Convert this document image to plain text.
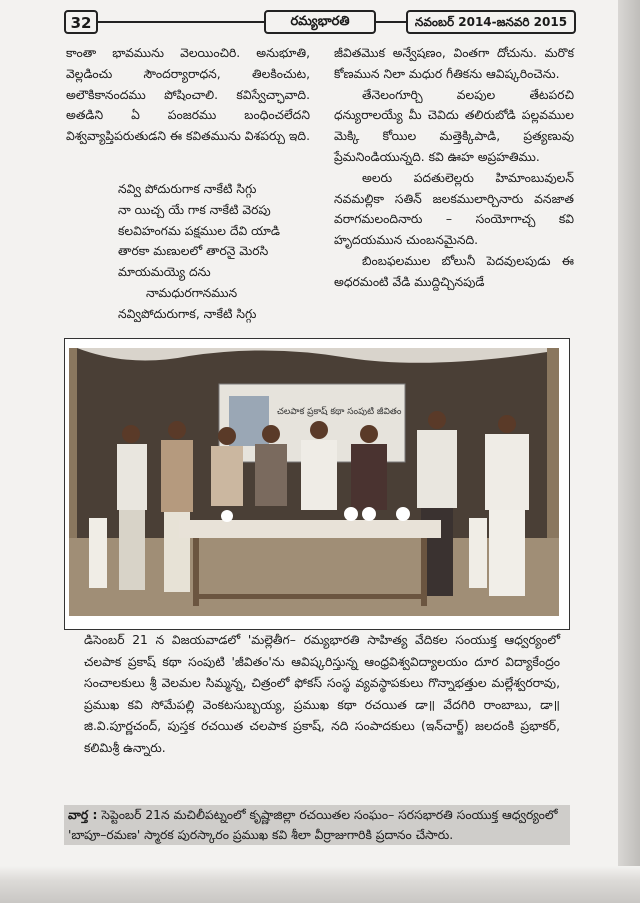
32	రమ్యభారతి	నవంబర్ 2014-జనవరి 2015

కాంతా భావమును వెలయించిరి. అనుభూతి, వెల్లడించు సౌందర్యారాధన, తిలకించుట, అలౌకికానందము పోషించాలి. కవిస్వేచ్ఛావాది. అతడిని ఏ పంజరము బంధించలేదని విశ్వవ్యాప్తిపరుతుడని ఈ కవితమును విశపర్చు ఇది.

నవ్వి పోదురుగాక నాకేటి సిగ్గు
నా యిచ్చ యే గాక నాకేటి వెరపు
కలవిహంగమ పక్షముల దేవి యాడి
తారకా మణులలో తారనై మెరసి
మాయమయ్యె దను
నామధురగానమున
నవ్విపోదురుగాక, నాకేటి సిగ్గు

జీవితమొక అన్వేషణం, వింతగా దోచును. మరొక కోణమున నిలా మధుర గీతికను ఆవిష్కరించెను.

తేనెలంగూర్చి వలపుల తేటపరచి ధన్యురాలయ్యే మీ చెవిదు తలిరుబోడి పల్లవముల మెక్కి కోయిల మత్తెక్కిపాడి, ప్రత్యణువు ప్రేమనిండియున్నది. కవి ఊహ అప్రహతిము.

అలరు పదతులెల్లరు హిమాంబువులన్ నవమల్లికా సతిన్ జలకములార్చినారు వనజాత వరాగమలందినారు – సంయోగాచ్చ కవి హృదయమున చుంబనమైనది.

బింబఫలముల బోలునీ పెదవులపుడు ఈ అధరమంటి వేడి ముద్దిచ్చినపుడే

చలపాక ప్రకాష్ కథా సంపుటి జీవితం
డిసెంబర్ 21 న విజయవాడలో 'మల్లెతీగ– రమ్యభారతి సాహిత్య వేదికల సంయుక్త ఆధ్వర్యంలో చలపాక ప్రకాష్ కథా సంపుటి 'జీవితం'ను ఆవిష్కరిస్తున్న ఆంధ్రవిశ్వవిద్యాలయం దూర విద్యాకేంద్రం సంచాలకులు శ్రీ వెలమల సిమ్మన్న, చిత్రంలో ఫోకస్ సంస్థ వ్యవస్థాపకులు గొన్నాభత్తుల మల్లేశ్వరరావు, ప్రముఖ కవి సోమేపల్లి వెంకటసుబ్బయ్య, ప్రముఖ కథా రచయిత డా॥ వేదగిరి రాంబాబు, డా॥ జి.వి.పూర్ణచంద్, పుస్తక రచయిత చలపాక ప్రకాష్, నది సంపాదకులు (ఇన్‌చార్జ్) జలదంకి ప్రభాకర్, కలిమిశ్రీ ఉన్నారు.
వార్త : సెప్టెంబర్ 21న మచిలీపట్నంలో కృష్ణాజిల్లా రచయితల సంఘం– సరసభారతి సంయుక్త ఆధ్వర్యంలో 'బాపూ–రమణ' స్మారక పురస్కారం ప్రముఖ కవి శీలా వీర్రాజుగారికి ప్రదానం చేసారు.
